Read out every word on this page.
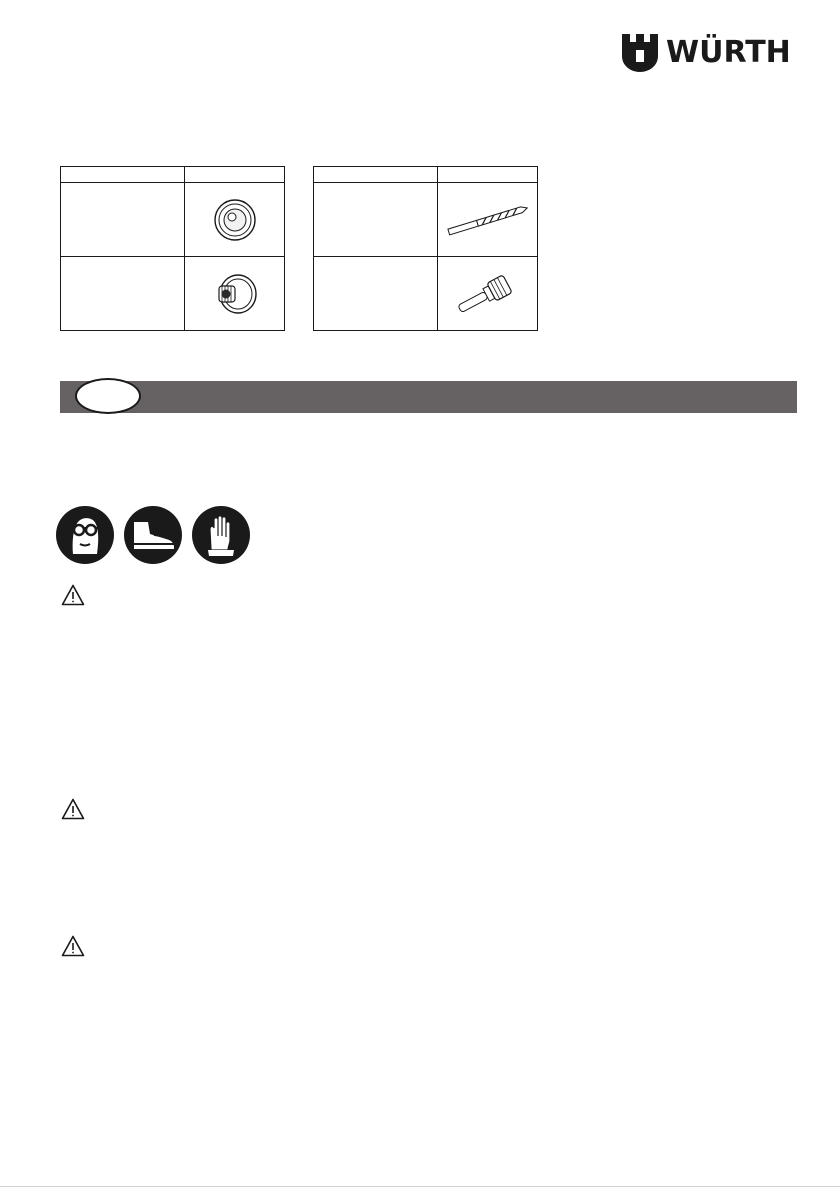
WÜRTH
